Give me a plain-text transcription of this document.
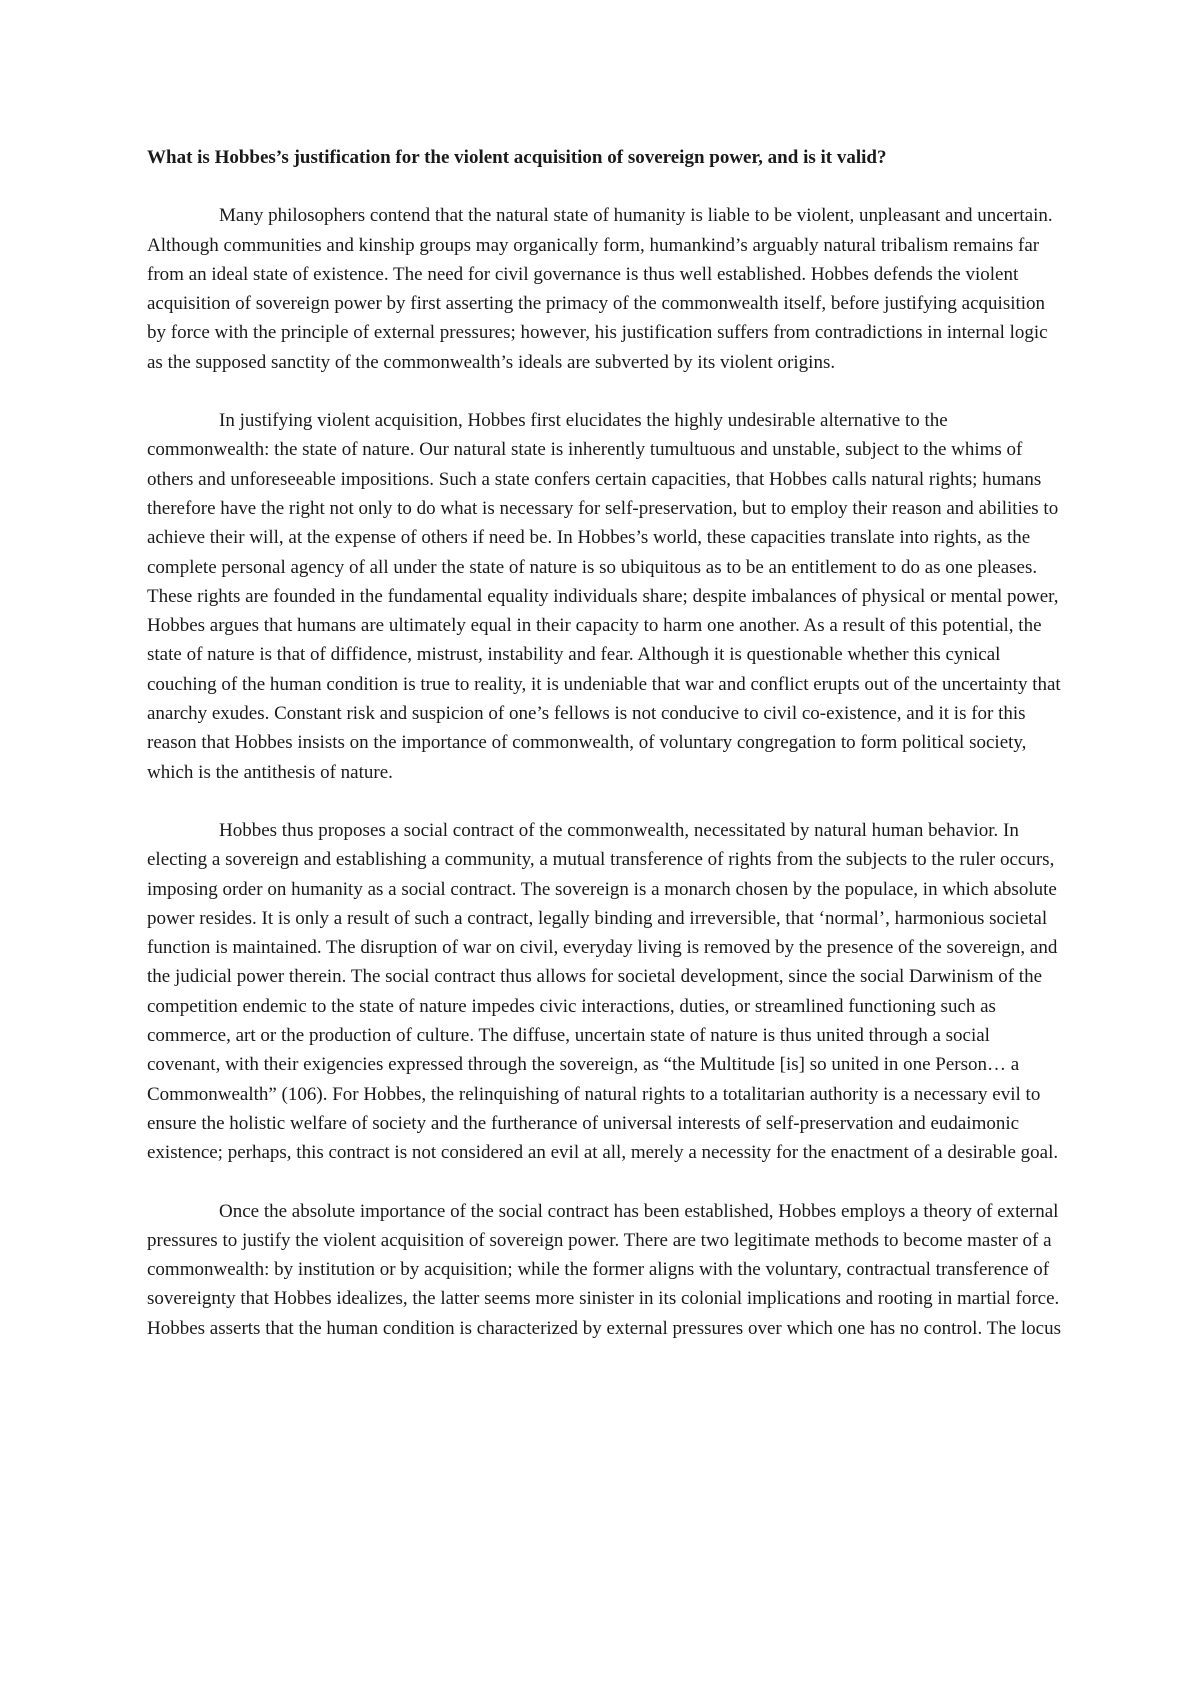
What is Hobbes’s justification for the violent acquisition of sovereign power, and is it valid?

Many philosophers contend that the natural state of humanity is liable to be violent, unpleasant and uncertain. Although communities and kinship groups may organically form, humankind’s arguably natural tribalism remains far from an ideal state of existence. The need for civil governance is thus well established. Hobbes defends the violent acquisition of sovereign power by first asserting the primacy of the commonwealth itself, before justifying acquisition by force with the principle of external pressures; however, his justification suffers from contradictions in internal logic as the supposed sanctity of the commonwealth’s ideals are subverted by its violent origins.

In justifying violent acquisition, Hobbes first elucidates the highly undesirable alternative to the commonwealth: the state of nature. Our natural state is inherently tumultuous and unstable, subject to the whims of others and unforeseeable impositions. Such a state confers certain capacities, that Hobbes calls natural rights; humans therefore have the right not only to do what is necessary for self-preservation, but to employ their reason and abilities to achieve their will, at the expense of others if need be. In Hobbes’s world, these capacities translate into rights, as the complete personal agency of all under the state of nature is so ubiquitous as to be an entitlement to do as one pleases. These rights are founded in the fundamental equality individuals share; despite imbalances of physical or mental power, Hobbes argues that humans are ultimately equal in their capacity to harm one another. As a result of this potential, the state of nature is that of diffidence, mistrust, instability and fear. Although it is questionable whether this cynical couching of the human condition is true to reality, it is undeniable that war and conflict erupts out of the uncertainty that anarchy exudes. Constant risk and suspicion of one’s fellows is not conducive to civil co-existence, and it is for this reason that Hobbes insists on the importance of commonwealth, of voluntary congregation to form political society, which is the antithesis of nature.

Hobbes thus proposes a social contract of the commonwealth, necessitated by natural human behavior. In electing a sovereign and establishing a community, a mutual transference of rights from the subjects to the ruler occurs, imposing order on humanity as a social contract. The sovereign is a monarch chosen by the populace, in which absolute power resides. It is only a result of such a contract, legally binding and irreversible, that ‘normal’, harmonious societal function is maintained. The disruption of war on civil, everyday living is removed by the presence of the sovereign, and the judicial power therein. The social contract thus allows for societal development, since the social Darwinism of the competition endemic to the state of nature impedes civic interactions, duties, or streamlined functioning such as commerce, art or the production of culture. The diffuse, uncertain state of nature is thus united through a social covenant, with their exigencies expressed through the sovereign, as “the Multitude [is] so united in one Person… a Commonwealth” (106). For Hobbes, the relinquishing of natural rights to a totalitarian authority is a necessary evil to ensure the holistic welfare of society and the furtherance of universal interests of self-preservation and eudaimonic existence; perhaps, this contract is not considered an evil at all, merely a necessity for the enactment of a desirable goal.

Once the absolute importance of the social contract has been established, Hobbes employs a theory of external pressures to justify the violent acquisition of sovereign power. There are two legitimate methods to become master of a commonwealth: by institution or by acquisition; while the former aligns with the voluntary, contractual transference of sovereignty that Hobbes idealizes, the latter seems more sinister in its colonial implications and rooting in martial force. Hobbes asserts that the human condition is characterized by external pressures over which one has no control. The locus
